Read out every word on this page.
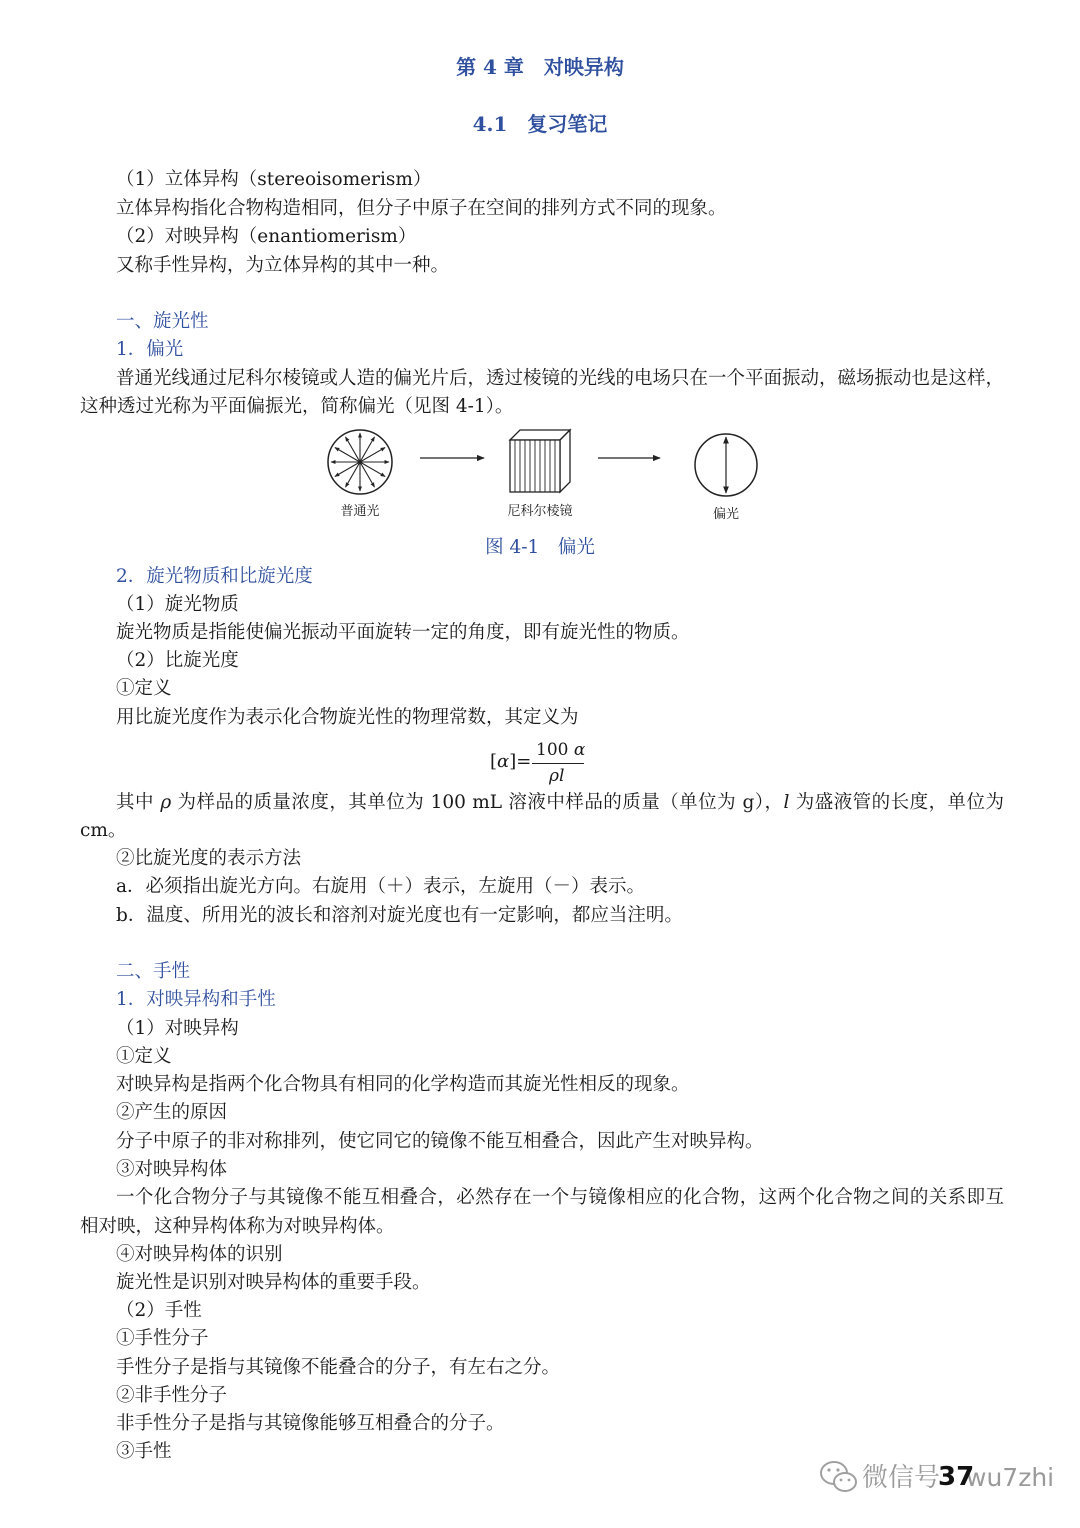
第 4 章　对映异构
4.1　复习笔记
（1）立体异构（stereoisomerism）
立体异构指化合物构造相同，但分子中原子在空间的排列方式不同的现象。
（2）对映异构（enantiomerism）
又称手性异构，为立体异构的其中一种。
一、旋光性
1．偏光
普通光线通过尼科尔棱镜或人造的偏光片后，透过棱镜的光线的电场只在一个平面振动，磁场振动也是这样，
这种透过光称为平面偏振光，简称偏光（见图 4-1）。
普通光	尼科尔棱镜	偏光
图 4-1　偏光
2．旋光物质和比旋光度
（1）旋光物质
旋光物质是指能使偏光振动平面旋转一定的角度，即有旋光性的物质。
（2）比旋光度
①定义
用比旋光度作为表示化合物旋光性的物理常数，其定义为
[α]=
100 α
ρl
其中 ρ 为样品的质量浓度，其单位为 100 mL 溶液中样品的质量（单位为 g），l 为盛液管的长度，单位为
cm。
②比旋光度的表示方法
a．必须指出旋光方向。右旋用（＋）表示，左旋用（－）表示。
b．温度、所用光的波长和溶剂对旋光度也有一定影响，都应当注明。
二、手性
1．对映异构和手性
（1）对映异构
①定义
对映异构是指两个化合物具有相同的化学构造而其旋光性相反的现象。
②产生的原因
分子中原子的非对称排列，使它同它的镜像不能互相叠合，因此产生对映异构。
③对映异构体
一个化合物分子与其镜像不能互相叠合，必然存在一个与镜像相应的化合物，这两个化合物之间的关系即互
相对映，这种异构体称为对映异构体。
④对映异构体的识别
旋光性是识别对映异构体的重要手段。
（2）手性
①手性分子
手性分子是指与其镜像不能叠合的分子，有左右之分。
②非手性分子
非手性分子是指与其镜像能够互相叠合的分子。
③手性
微信号 wu7zhi
37
